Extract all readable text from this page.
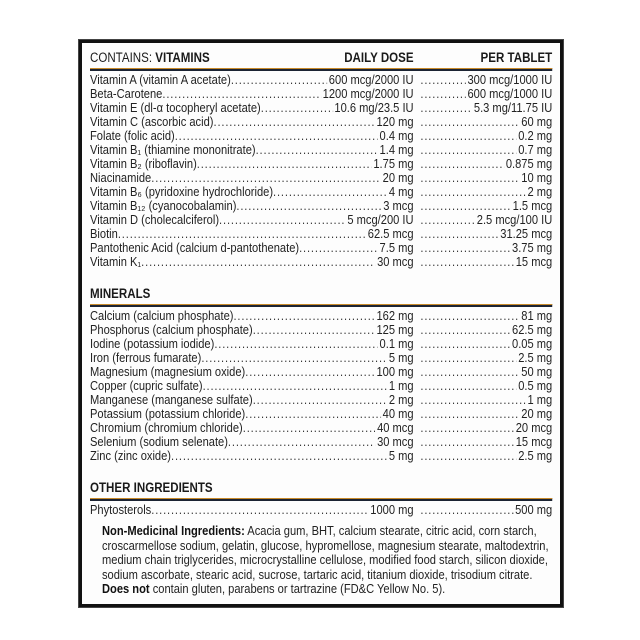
CONTAINS: VITAMINS	DAILY DOSE	PER TABLET
Vitamin A (vitamin A acetate) .....	600 mcg/2000 IU .....	300 mcg/1000 IU
Beta-Carotene .....	1200 mcg/2000 IU .....	600 mcg/1000 IU
Vitamin E (dl-α tocopheryl acetate) .....	10.6 mg/23.5 IU .....	5.3 mg/11.75 IU
Vitamin C (ascorbic acid) .....	120 mg .....	60 mg
Folate (folic acid) .....	0.4 mg .....	0.2 mg
Vitamin B₁ (thiamine mononitrate) .....	1.4 mg .....	0.7 mg
Vitamin B₂ (riboflavin) .....	1.75 mg .....	0.875 mg
Niacinamide .....	20 mg .....	10 mg
Vitamin B₆ (pyridoxine hydrochloride) .....	4 mg .....	2 mg
Vitamin B₁₂ (cyanocobalamin) .....	3 mcg .....	1.5 mcg
Vitamin D (cholecalciferol) .....	5 mcg/200 IU .....	2.5 mcg/100 IU
Biotin .....	62.5 mcg .....	31.25 mcg
Pantothenic Acid (calcium d-pantothenate) .....	7.5 mg .....	3.75 mg
Vitamin K₁ .....	30 mcg .....	15 mcg
MINERALS
Calcium (calcium phosphate) .....	162 mg .....	81 mg
Phosphorus (calcium phosphate) .....	125 mg .....	62.5 mg
Iodine (potassium iodide) .....	0.1 mg .....	0.05 mg
Iron (ferrous fumarate) .....	5 mg .....	2.5 mg
Magnesium (magnesium oxide) .....	100 mg .....	50 mg
Copper (cupric sulfate) .....	1 mg .....	0.5 mg
Manganese (manganese sulfate) .....	2 mg .....	1 mg
Potassium (potassium chloride) .....	40 mg .....	20 mg
Chromium (chromium chloride) .....	40 mcg .....	20 mcg
Selenium (sodium selenate) .....	30 mcg .....	15 mcg
Zinc (zinc oxide) .....	5 mg .....	2.5 mg
OTHER INGREDIENTS
Phytosterols .....	1000 mg .....	500 mg
Non-Medicinal Ingredients: Acacia gum, BHT, calcium stearate, citric acid, corn starch, croscarmellose sodium, gelatin, glucose, hypromellose, magnesium stearate, maltodextrin, medium chain triglycerides, microcrystalline cellulose, modified food starch, silicon dioxide, sodium ascorbate, stearic acid, sucrose, tartaric acid, titanium dioxide, trisodium citrate.
Does not contain gluten, parabens or tartrazine (FD&C Yellow No. 5).
